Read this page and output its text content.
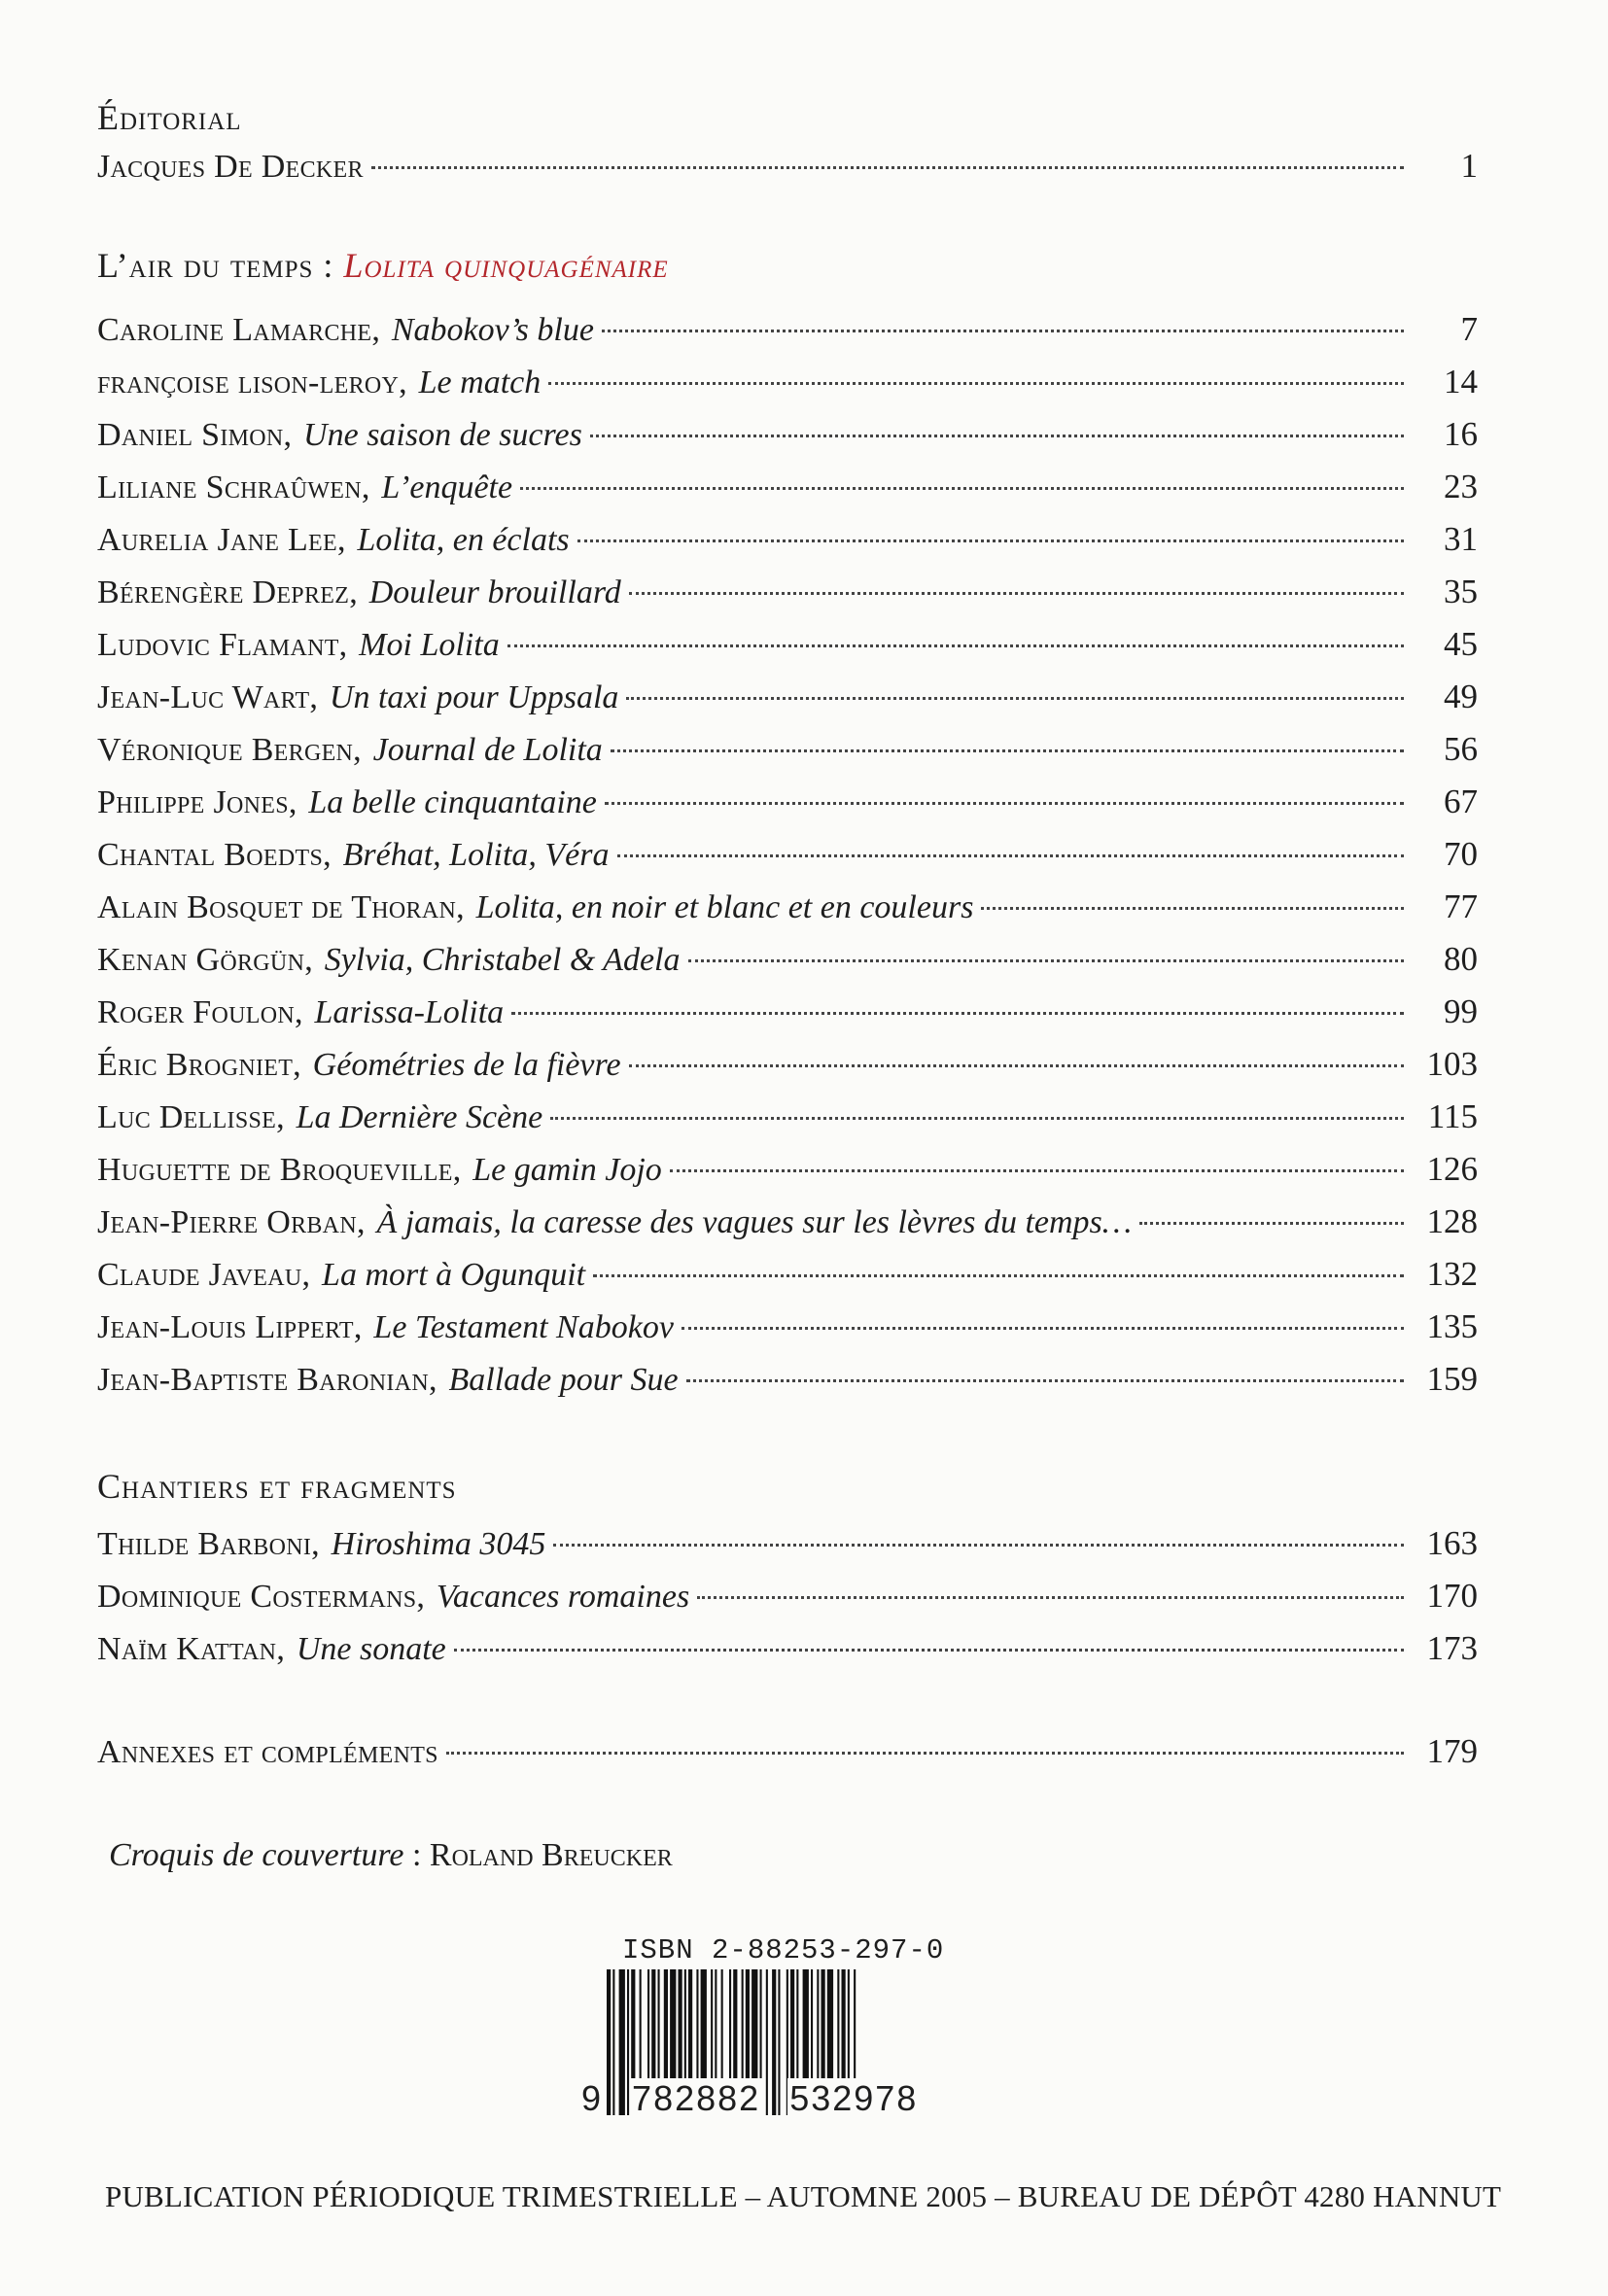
Éditorial
Jacques De Decker	1
L’air du temps : Lolita quinquagénaire
Caroline Lamarche , Nabokov’s blue	7
françoise lison-leroy , Le match	14
Daniel Simon , Une saison de sucres	16
Liliane Schraûwen , L’enquête	23
Aurelia Jane Lee , Lolita, en éclats	31
Bérengère Deprez , Douleur brouillard	35
Ludovic Flamant , Moi Lolita	45
Jean-Luc Wart , Un taxi pour Uppsala	49
Véronique Bergen , Journal de Lolita	56
Philippe Jones , La belle cinquantaine	67
Chantal Boedts , Bréhat, Lolita, Véra	70
Alain Bosquet de Thoran , Lolita, en noir et blanc et en couleurs	77
Kenan Görgün , Sylvia, Christabel & Adela	80
Roger Foulon , Larissa-Lolita	99
Éric Brogniet , Géométries de la fièvre	103
Luc Dellisse , La Dernière Scène	115
Huguette de Broqueville , Le gamin Jojo	126
Jean-Pierre Orban , À jamais, la caresse des vagues sur les lèvres du temps…	128
Claude Javeau , La mort à Ogunquit	132
Jean-Louis Lippert , Le Testament Nabokov	135
Jean-Baptiste Baronian , Ballade pour Sue	159
Chantiers et fragments
Thilde Barboni , Hiroshima 3045	163
Dominique Costermans , Vacances romaines	170
Naïm Kattan , Une sonate	173
Annexes et compléments	179
Croquis de couverture : Roland Breucker
ISBN 2-88253-297-0
9 782882 532978
PUBLICATION PÉRIODIQUE TRIMESTRIELLE – AUTOMNE 2005 – BUREAU DE DÉPÔT 4280 HANNUT
